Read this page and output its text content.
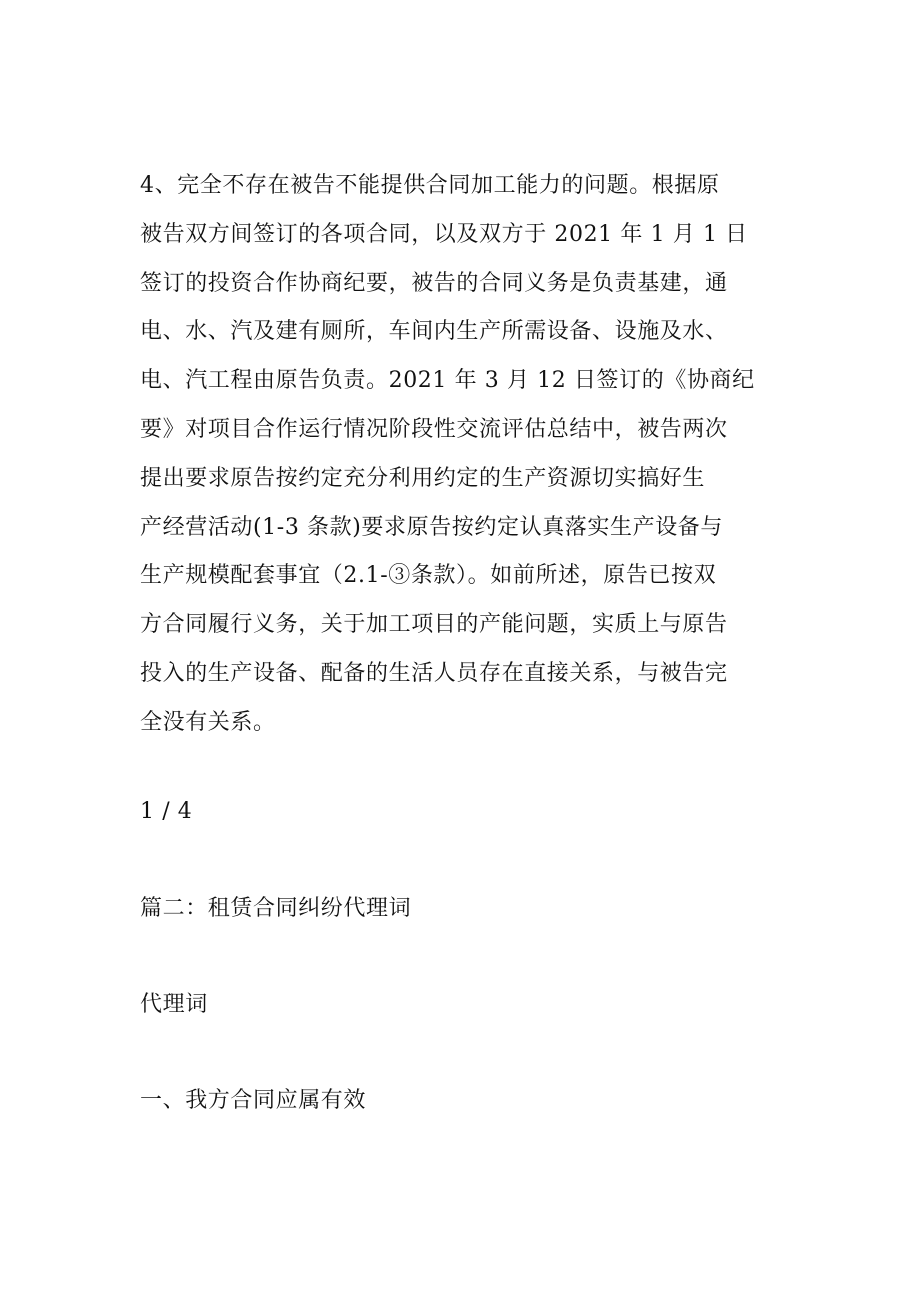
4、完全不存在被告不能提供合同加工能力的问题。根据原
被告双方间签订的各项合同，以及双方于 2021 年 1 月 1 日
签订的投资合作协商纪要，被告的合同义务是负责基建，通
电、水、汽及建有厕所，车间内生产所需设备、设施及水、
电、汽工程由原告负责。2021 年 3 月 12 日签订的《协商纪
要》对项目合作运行情况阶段性交流评估总结中，被告两次
提出要求原告按约定充分利用约定的生产资源切实搞好生
产经营活动(1-3 条款)要求原告按约定认真落实生产设备与
生产规模配套事宜（2.1-③条款）。如前所述，原告已按双
方合同履行义务，关于加工项目的产能问题，实质上与原告
投入的生产设备、配备的生活人员存在直接关系，与被告完
全没有关系。
1 / 4
篇二：租赁合同纠纷代理词
代理词
一、我方合同应属有效
